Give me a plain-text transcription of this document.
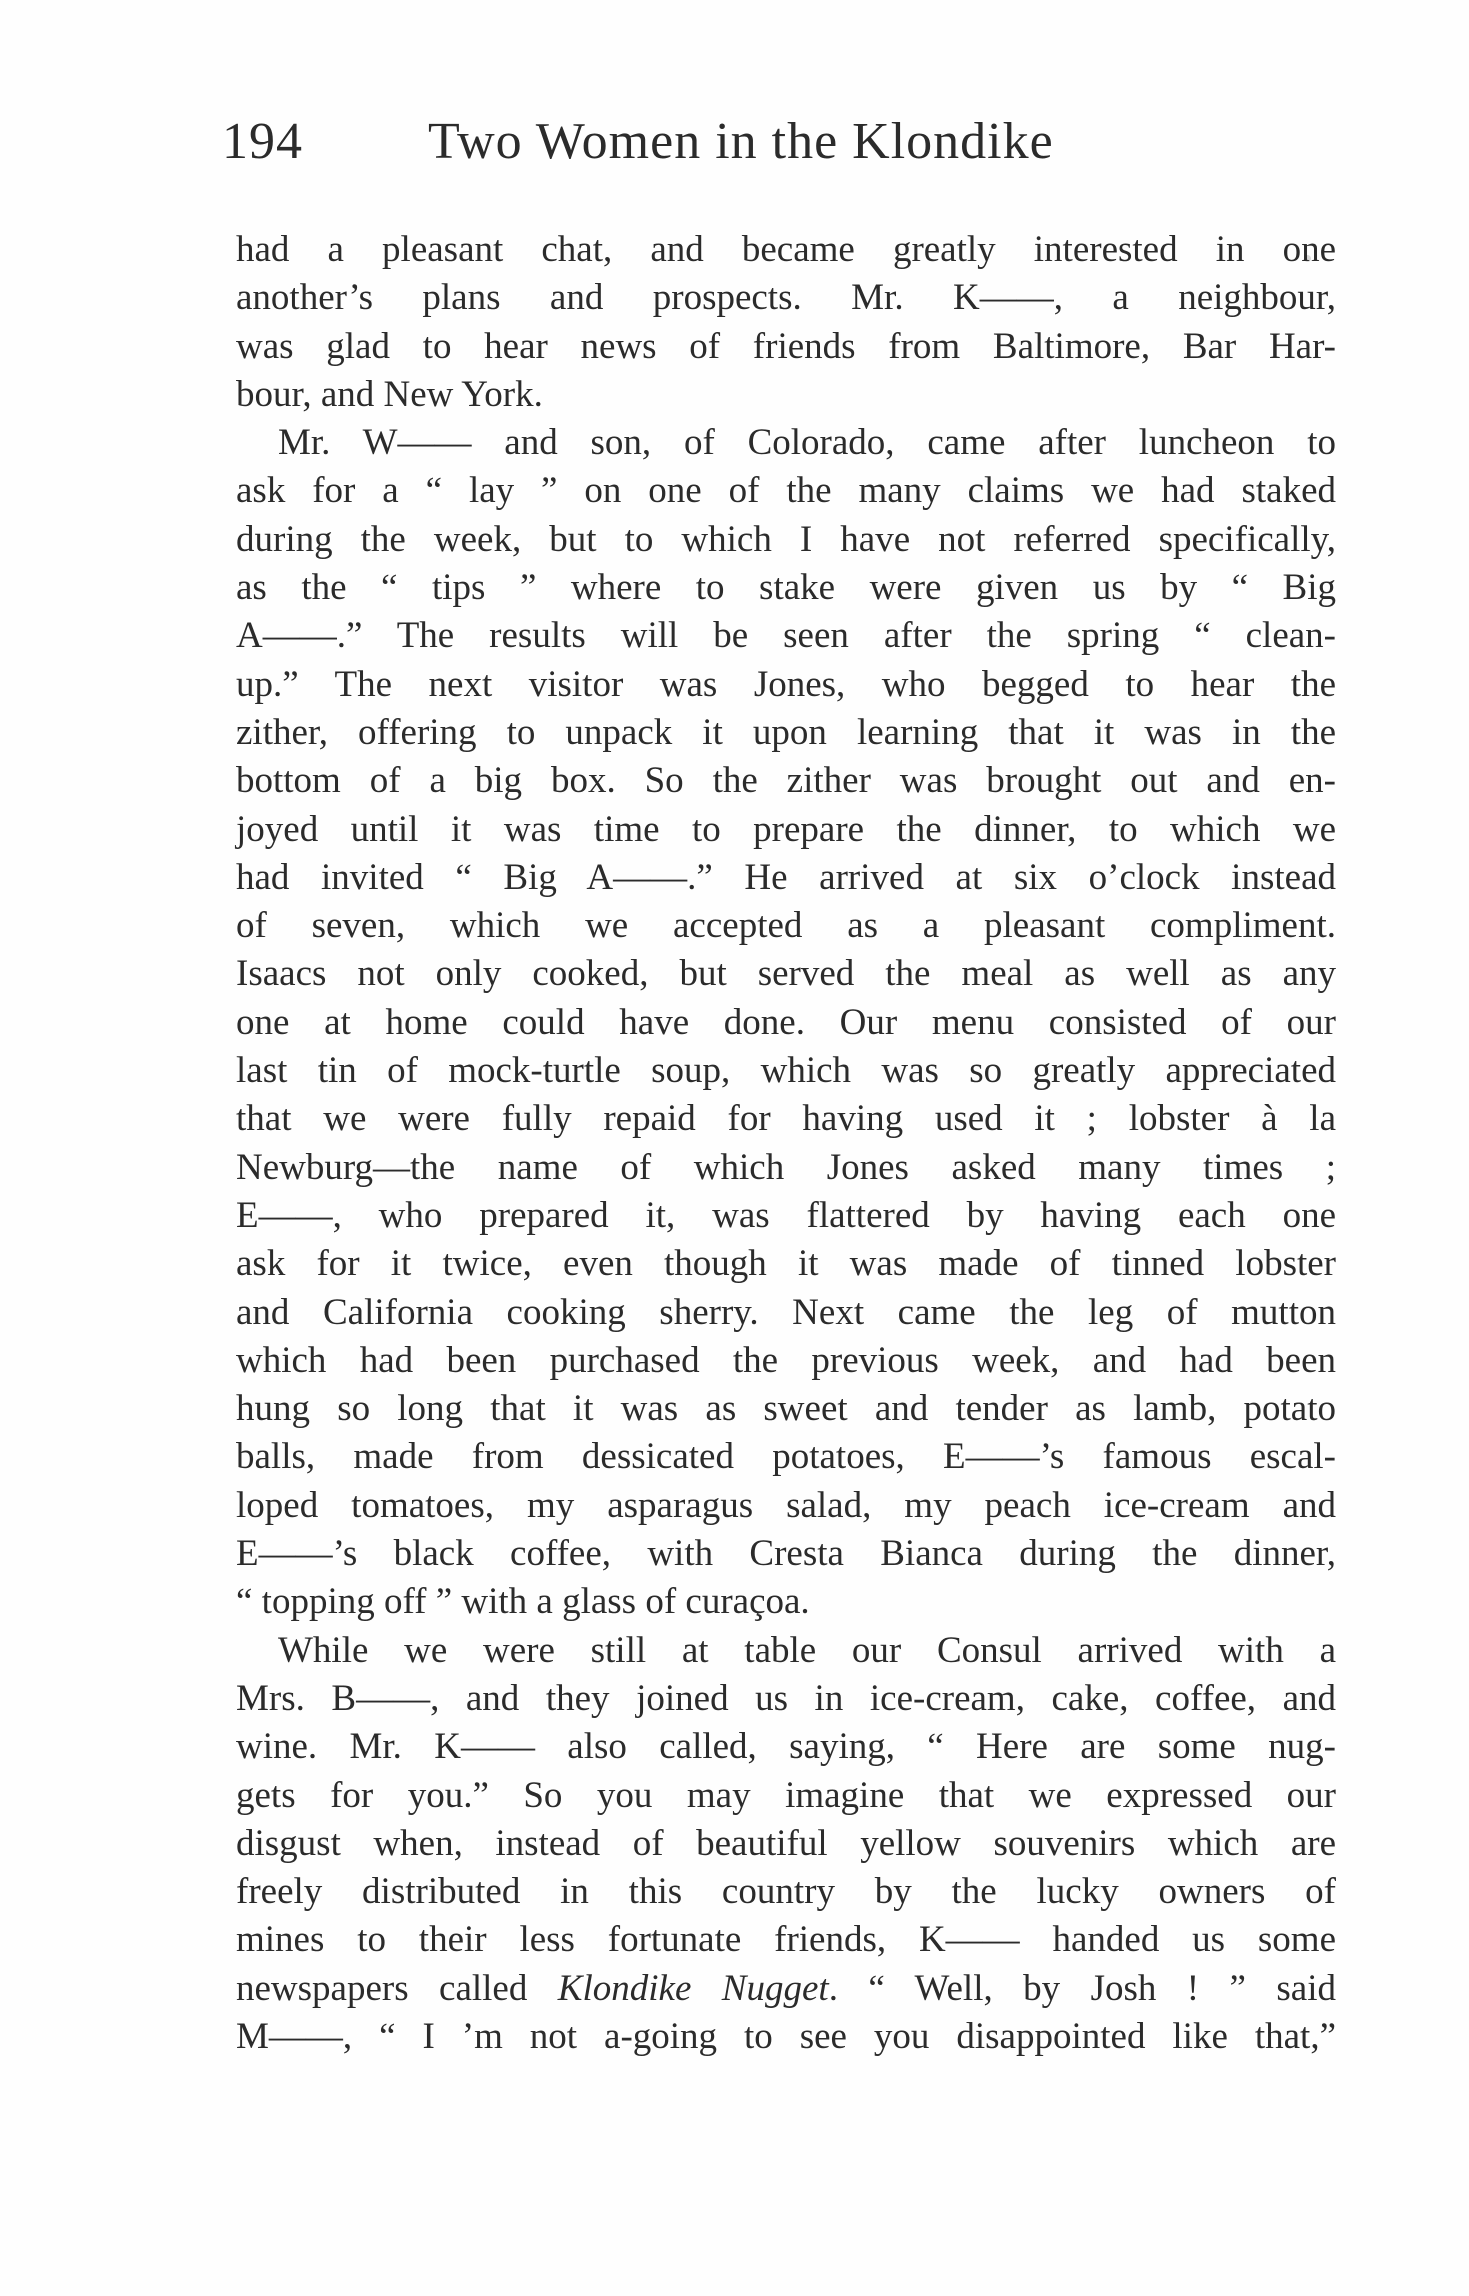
194 Two Women in the Klondike
had a pleasant chat, and became greatly interested in one
another’s plans and prospects. Mr. K——, a neighbour,
was glad to hear news of friends from Baltimore, Bar Har-
bour, and New York.
Mr. W—— and son, of Colorado, came after luncheon to
ask for a “ lay ” on one of the many claims we had staked
during the week, but to which I have not referred specifically,
as the “ tips ” where to stake were given us by “ Big
A——.” The results will be seen after the spring “ clean-
up.” The next visitor was Jones, who begged to hear the
zither, offering to unpack it upon learning that it was in the
bottom of a big box. So the zither was brought out and en-
joyed until it was time to prepare the dinner, to which we
had invited “ Big A——.” He arrived at six o’clock instead
of seven, which we accepted as a pleasant compliment.
Isaacs not only cooked, but served the meal as well as any
one at home could have done. Our menu consisted of our
last tin of mock-turtle soup, which was so greatly appreciated
that we were fully repaid for having used it ; lobster à la
Newburg—the name of which Jones asked many times ;
E——, who prepared it, was flattered by having each one
ask for it twice, even though it was made of tinned lobster
and California cooking sherry. Next came the leg of mutton
which had been purchased the previous week, and had been
hung so long that it was as sweet and tender as lamb, potato
balls, made from dessicated potatoes, E——’s famous escal-
loped tomatoes, my asparagus salad, my peach ice-cream and
E——’s black coffee, with Cresta Bianca during the dinner,
“ topping off ” with a glass of curaçoa.
While we were still at table our Consul arrived with a
Mrs. B——, and they joined us in ice-cream, cake, coffee, and
wine. Mr. K—— also called, saying, “ Here are some nug-
gets for you.” So you may imagine that we expressed our
disgust when, instead of beautiful yellow souvenirs which are
freely distributed in this country by the lucky owners of
mines to their less fortunate friends, K—— handed us some
newspapers called Klondike Nugget. “ Well, by Josh ! ” said
M——, “ I ’m not a-going to see you disappointed like that,”
